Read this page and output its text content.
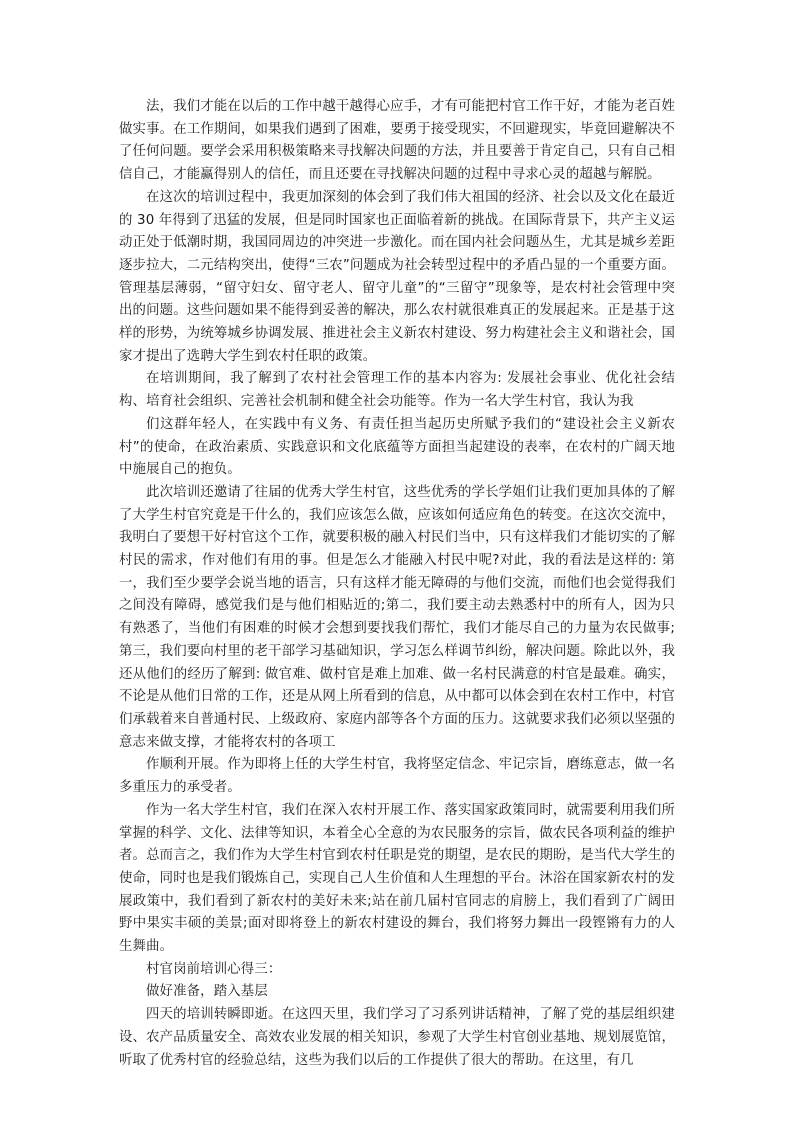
法，我们才能在以后的工作中越干越得心应手，才有可能把村官工作干好，才能为老百姓做实事。在工作期间，如果我们遇到了困难，要勇于接受现实，不回避现实，毕竟回避解决不了任何问题。要学会采用积极策略来寻找解决问题的方法，并且要善于肯定自己，只有自己相信自己，才能赢得别人的信任，而且还要在寻找解决问题的过程中寻求心灵的超越与解脱。

在这次的培训过程中，我更加深刻的体会到了我们伟大祖国的经济、社会以及文化在最近的 30 年得到了迅猛的发展，但是同时国家也正面临着新的挑战。在国际背景下，共产主义运动正处于低潮时期，我国同周边的冲突进一步激化。而在国内社会问题丛生，尤其是城乡差距逐步拉大，二元结构突出，使得“三农”问题成为社会转型过程中的矛盾凸显的一个重要方面。管理基层薄弱，“留守妇女、留守老人、留守儿童”的“三留守”现象等，是农村社会管理中突出的问题。这些问题如果不能得到妥善的解决，那么农村就很难真正的发展起来。正是基于这样的形势，为统筹城乡协调发展、推进社会主义新农村建设、努力构建社会主义和谐社会，国家才提出了选聘大学生到农村任职的政策。

在培训期间，我了解到了农村社会管理工作的基本内容为: 发展社会事业、优化社会结构、培育社会组织、完善社会机制和健全社会功能等。作为一名大学生村官，我认为我

们这群年轻人，在实践中有义务、有责任担当起历史所赋予我们的“建设社会主义新农村”的使命，在政治素质、实践意识和文化底蕴等方面担当起建设的表率，在农村的广阔天地中施展自己的抱负。

此次培训还邀请了往届的优秀大学生村官，这些优秀的学长学姐们让我们更加具体的了解了大学生村官究竟是干什么的，我们应该怎么做，应该如何适应角色的转变。在这次交流中，我明白了要想干好村官这个工作，就要积极的融入村民们当中，只有这样我们才能切实的了解村民的需求，作对他们有用的事。但是怎么才能融入村民中呢?对此，我的看法是这样的: 第一，我们至少要学会说当地的语言，只有这样才能无障碍的与他们交流，而他们也会觉得我们之间没有障碍，感觉我们是与他们相贴近的;第二，我们要主动去熟悉村中的所有人，因为只有熟悉了，当他们有困难的时候才会想到要找我们帮忙，我们才能尽自己的力量为农民做事;第三，我们要向村里的老干部学习基础知识，学习怎么样调节纠纷，解决问题。除此以外，我还从他们的经历了解到: 做官难、做村官是难上加难、做一名村民满意的村官是最难。确实，不论是从他们日常的工作，还是从网上所看到的信息，从中都可以体会到在农村工作中，村官们承载着来自普通村民、上级政府、家庭内部等各个方面的压力。这就要求我们必须以坚强的意志来做支撑，才能将农村的各项工

作顺利开展。作为即将上任的大学生村官，我将坚定信念、牢记宗旨，磨练意志，做一名多重压力的承受者。

作为一名大学生村官，我们在深入农村开展工作、落实国家政策同时，就需要利用我们所掌握的科学、文化、法律等知识，本着全心全意的为农民服务的宗旨，做农民各项利益的维护者。总而言之，我们作为大学生村官到农村任职是党的期望，是农民的期盼，是当代大学生的使命，同时也是我们锻炼自己，实现自己人生价值和人生理想的平台。沐浴在国家新农村的发展政策中，我们看到了新农村的美好未来;站在前几届村官同志的肩膀上，我们看到了广阔田野中果实丰硕的美景;面对即将登上的新农村建设的舞台，我们将努力舞出一段铿锵有力的人生舞曲。

村官岗前培训心得三：

做好准备，踏入基层

四天的培训转瞬即逝。在这四天里，我们学习了习系列讲话精神，了解了党的基层组织建设、农产品质量安全、高效农业发展的相关知识，参观了大学生村官创业基地、规划展览馆，听取了优秀村官的经验总结，这些为我们以后的工作提供了很大的帮助。在这里，有几
